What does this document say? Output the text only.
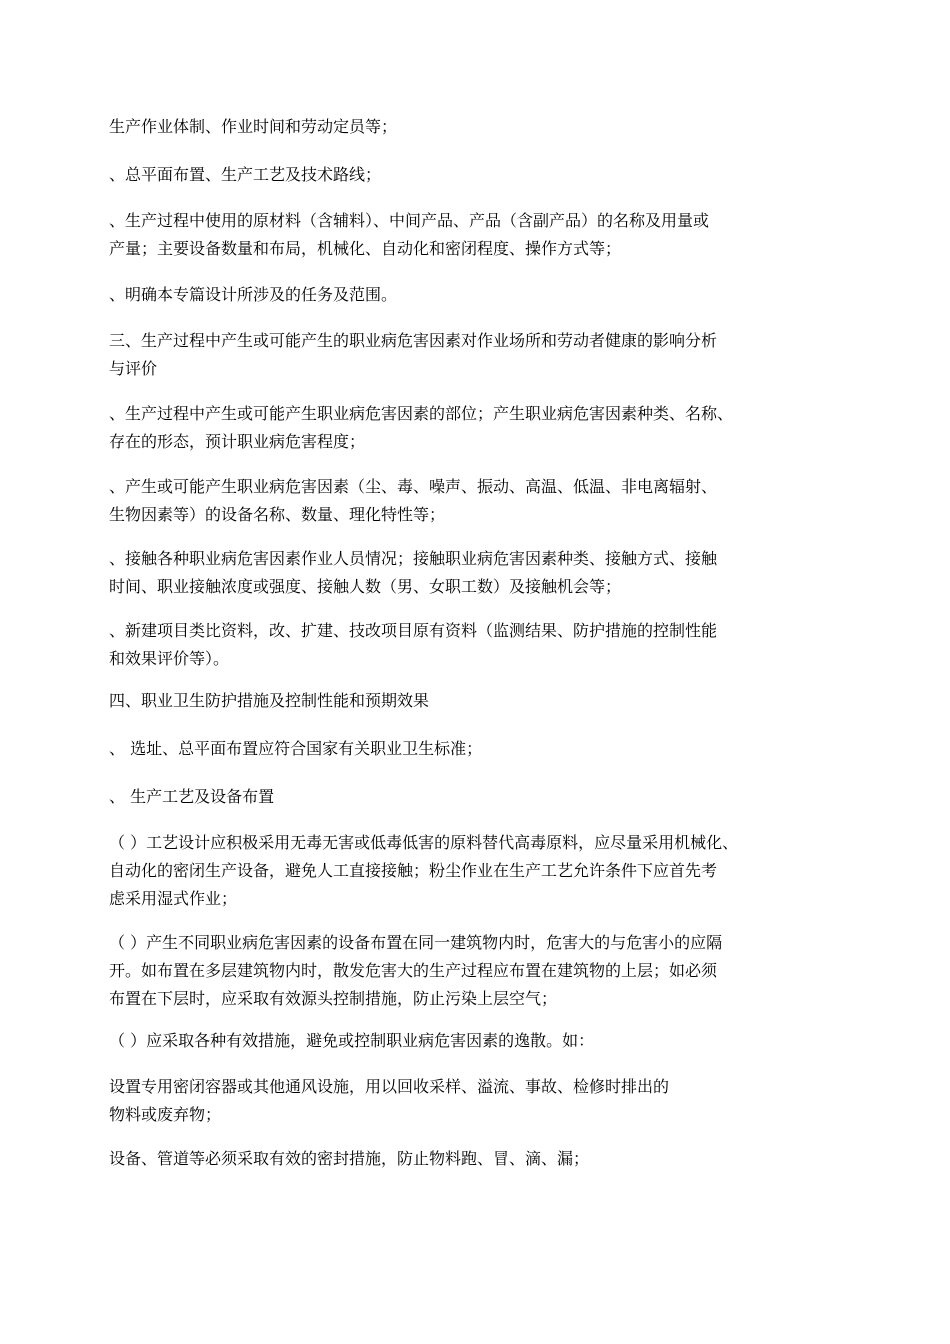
生产作业体制、作业时间和劳动定员等；
、总平面布置、生产工艺及技术路线；
、生产过程中使用的原材料（含辅料）、中间产品、产品（含副产品）的名称及用量或
产量；主要设备数量和布局，机械化、自动化和密闭程度、操作方式等；
、明确本专篇设计所涉及的任务及范围。
三、生产过程中产生或可能产生的职业病危害因素对作业场所和劳动者健康的影响分析
与评价
、生产过程中产生或可能产生职业病危害因素的部位；产生职业病危害因素种类、名称、
存在的形态，预计职业病危害程度；
、产生或可能产生职业病危害因素（尘、毒、噪声、振动、高温、低温、非电离辐射、
生物因素等）的设备名称、数量、理化特性等；
、接触各种职业病危害因素作业人员情况；接触职业病危害因素种类、接触方式、接触
时间、职业接触浓度或强度、接触人数（男、女职工数）及接触机会等；
、新建项目类比资料，改、扩建、技改项目原有资料（监测结果、防护措施的控制性能
和效果评价等）。
四、职业卫生防护措施及控制性能和预期效果
、 选址、总平面布置应符合国家有关职业卫生标准；
、 生产工艺及设备布置
（ ）工艺设计应积极采用无毒无害或低毒低害的原料替代高毒原料，应尽量采用机械化、
自动化的密闭生产设备，避免人工直接接触；粉尘作业在生产工艺允许条件下应首先考
虑采用湿式作业；
（ ）产生不同职业病危害因素的设备布置在同一建筑物内时，危害大的与危害小的应隔
开。如布置在多层建筑物内时，散发危害大的生产过程应布置在建筑物的上层；如必须
布置在下层时，应采取有效源头控制措施，防止污染上层空气；
（ ）应采取各种有效措施，避免或控制职业病危害因素的逸散。如：
设置专用密闭容器或其他通风设施，用以回收采样、溢流、事故、检修时排出的
物料或废弃物；
设备、管道等必须采取有效的密封措施，防止物料跑、冒、滴、漏；
